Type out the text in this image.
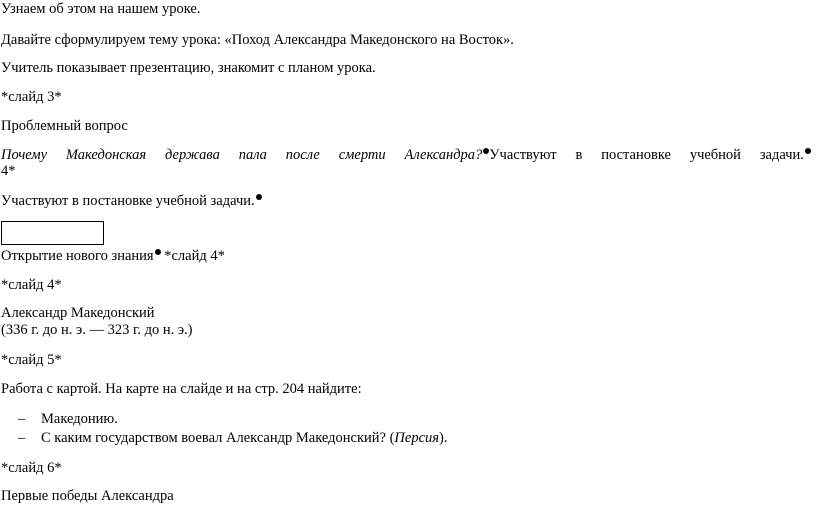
Узнаем об этом на нашем уроке.
Давайте сформулируем тему урока: «Поход Александра Македонского на Восток».
Учитель показывает презентацию, знакомит с планом урока.
*слайд 3*
Проблемный вопрос
Почему Македонская держава пала после смерти Александра? Участвуют в постановке учебной задачи.
4*
Участвуют в постановке учебной задачи.
Открытие нового знания *слайд 4*
*слайд 4*
Александр Македонский
(336 г. до н. э. — 323 г. до н. э.)
*слайд 5*
Работа с картой. На карте на слайде и на стр. 204 найдите:
– Македонию.
– С каким государством воевал Александр Македонский? (Персия).
*слайд 6*
Первые победы Александра
